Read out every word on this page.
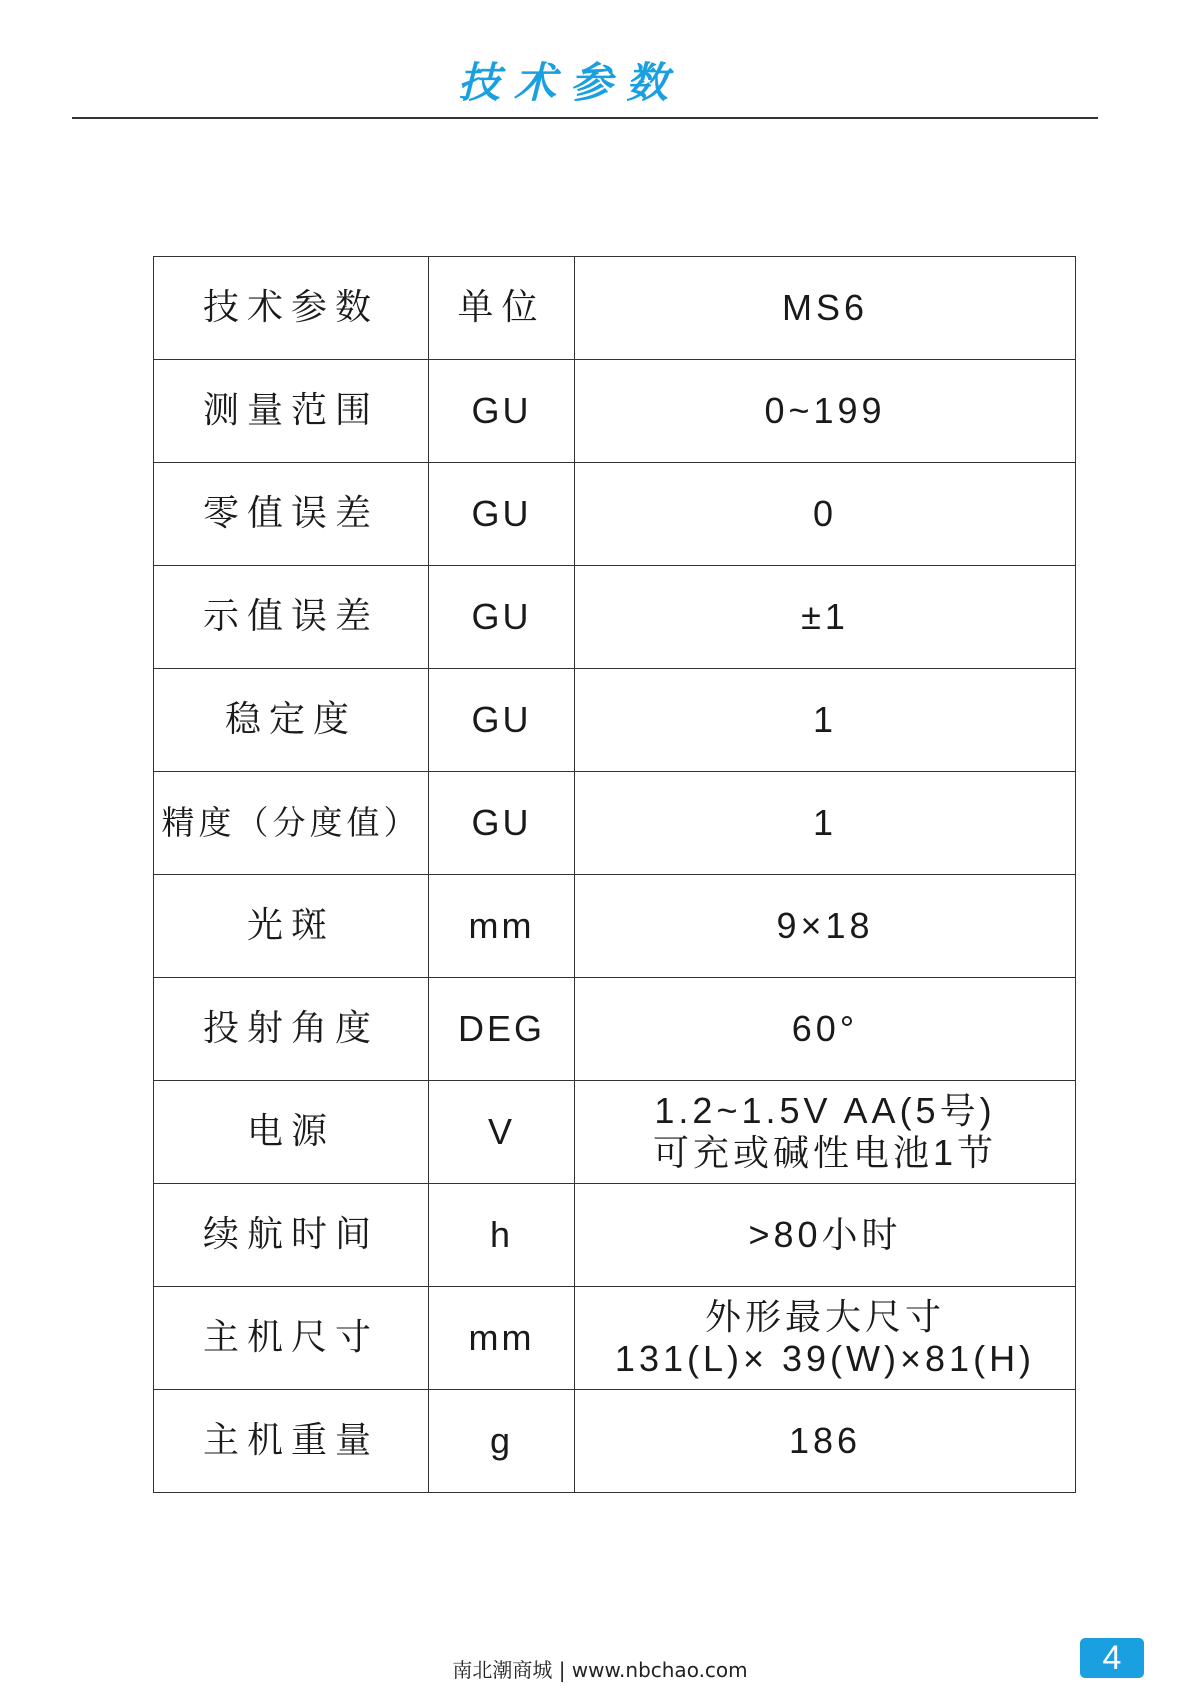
技术参数
技术参数	单位	MS6
测量范围	GU	0~199

零值误差	GU	0

示值误差	GU	±1

稳定度	GU	1

精度（分度值）	GU	1

光斑	mm	9×18

投射角度	DEG	60°

电源	V	1.2~1.5V AA(5号)
可充或碱性电池1节

续航时间	h	>80小时

主机尺寸	mm	外形最大尺寸
131(L)× 39(W)×81(H)

主机重量	g	186
南北潮商城 | www.nbchao.com	4
